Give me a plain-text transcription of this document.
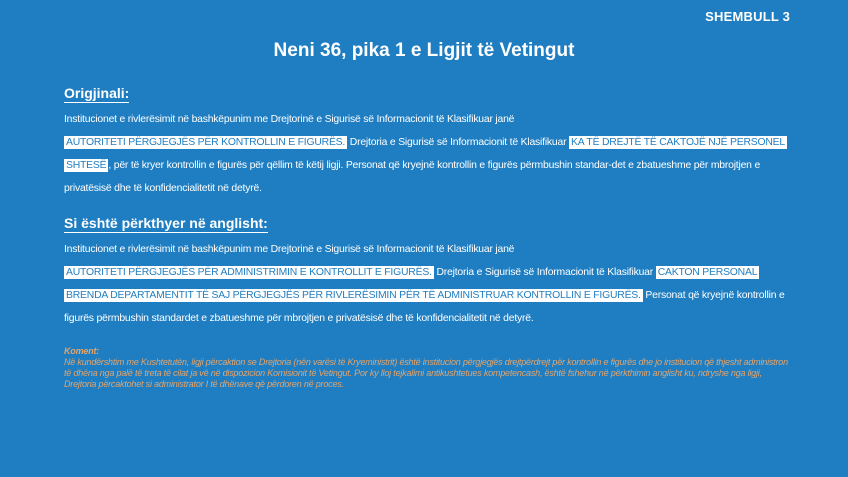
SHEMBULL 3
Neni 36, pika 1 e Ligjit të Vetingut
Origjinali:
Institucionet e rivlerësimit në bashkëpunim me Drejtorinë e Sigurisë së Informacionit të Klasifikuar janë
AUTORITETI PËRGJEGJËS PËR KONTROLLIN E FIGURËS. Drejtoria e Sigurisë së Informacionit të Klasifikuar KA TË DREJTË TË CAKTOJË NJË PERSONEL SHTESË , për të kryer kontrollin e figurës për qëllim të këtij ligji. Personat që kryejnë kontrollin e figurës përmbushin standar-det e zbatueshme për mbrojtjen e privatësisë dhe të konfidencialitetit në detyrë.
Si është përkthyer në anglisht:
Institucionet e rivlerësimit në bashkëpunim me Drejtorinë e Sigurisë së Informacionit të Klasifikuar janë
AUTORITETI PËRGJEGJËS PËR ADMINISTRIMIN E KONTROLLIT E FIGURËS. Drejtoria e Sigurisë së Informacionit të Klasifikuar CAKTON PERSONAL BRENDA DEPARTAMENTIT TË SAJ PËRGJEGJËS PËR RIVLERËSIMIN PËR TË ADMINISTRUAR KONTROLLIN E FIGURËS. Personat që kryejnë kontrollin e figurës përmbushin standardet e zbatueshme për mbrojtjen e privatësisë dhe të konfidencialitetit në detyrë.
Koment:
Në kundërshtim me Kushtetutën, ligji përcaktion se Drejtoria (nën varësi të Kryeministrit) është institucion përgjegjës drejtpërdrejt për kontrollin e figurës dhe jo institucion që thjesht administron të dhëna nga palë të treta të cilat ja vë në dispozicion Komisionit të Vetingut. Por ky lloj tejkalimi antikushtetues kompetencash, është fshehur në përkthimin anglisht ku, ndryshe nga ligji, Drejtoria përcaktohet si administrator I të dhënave që përdoren në proces.
